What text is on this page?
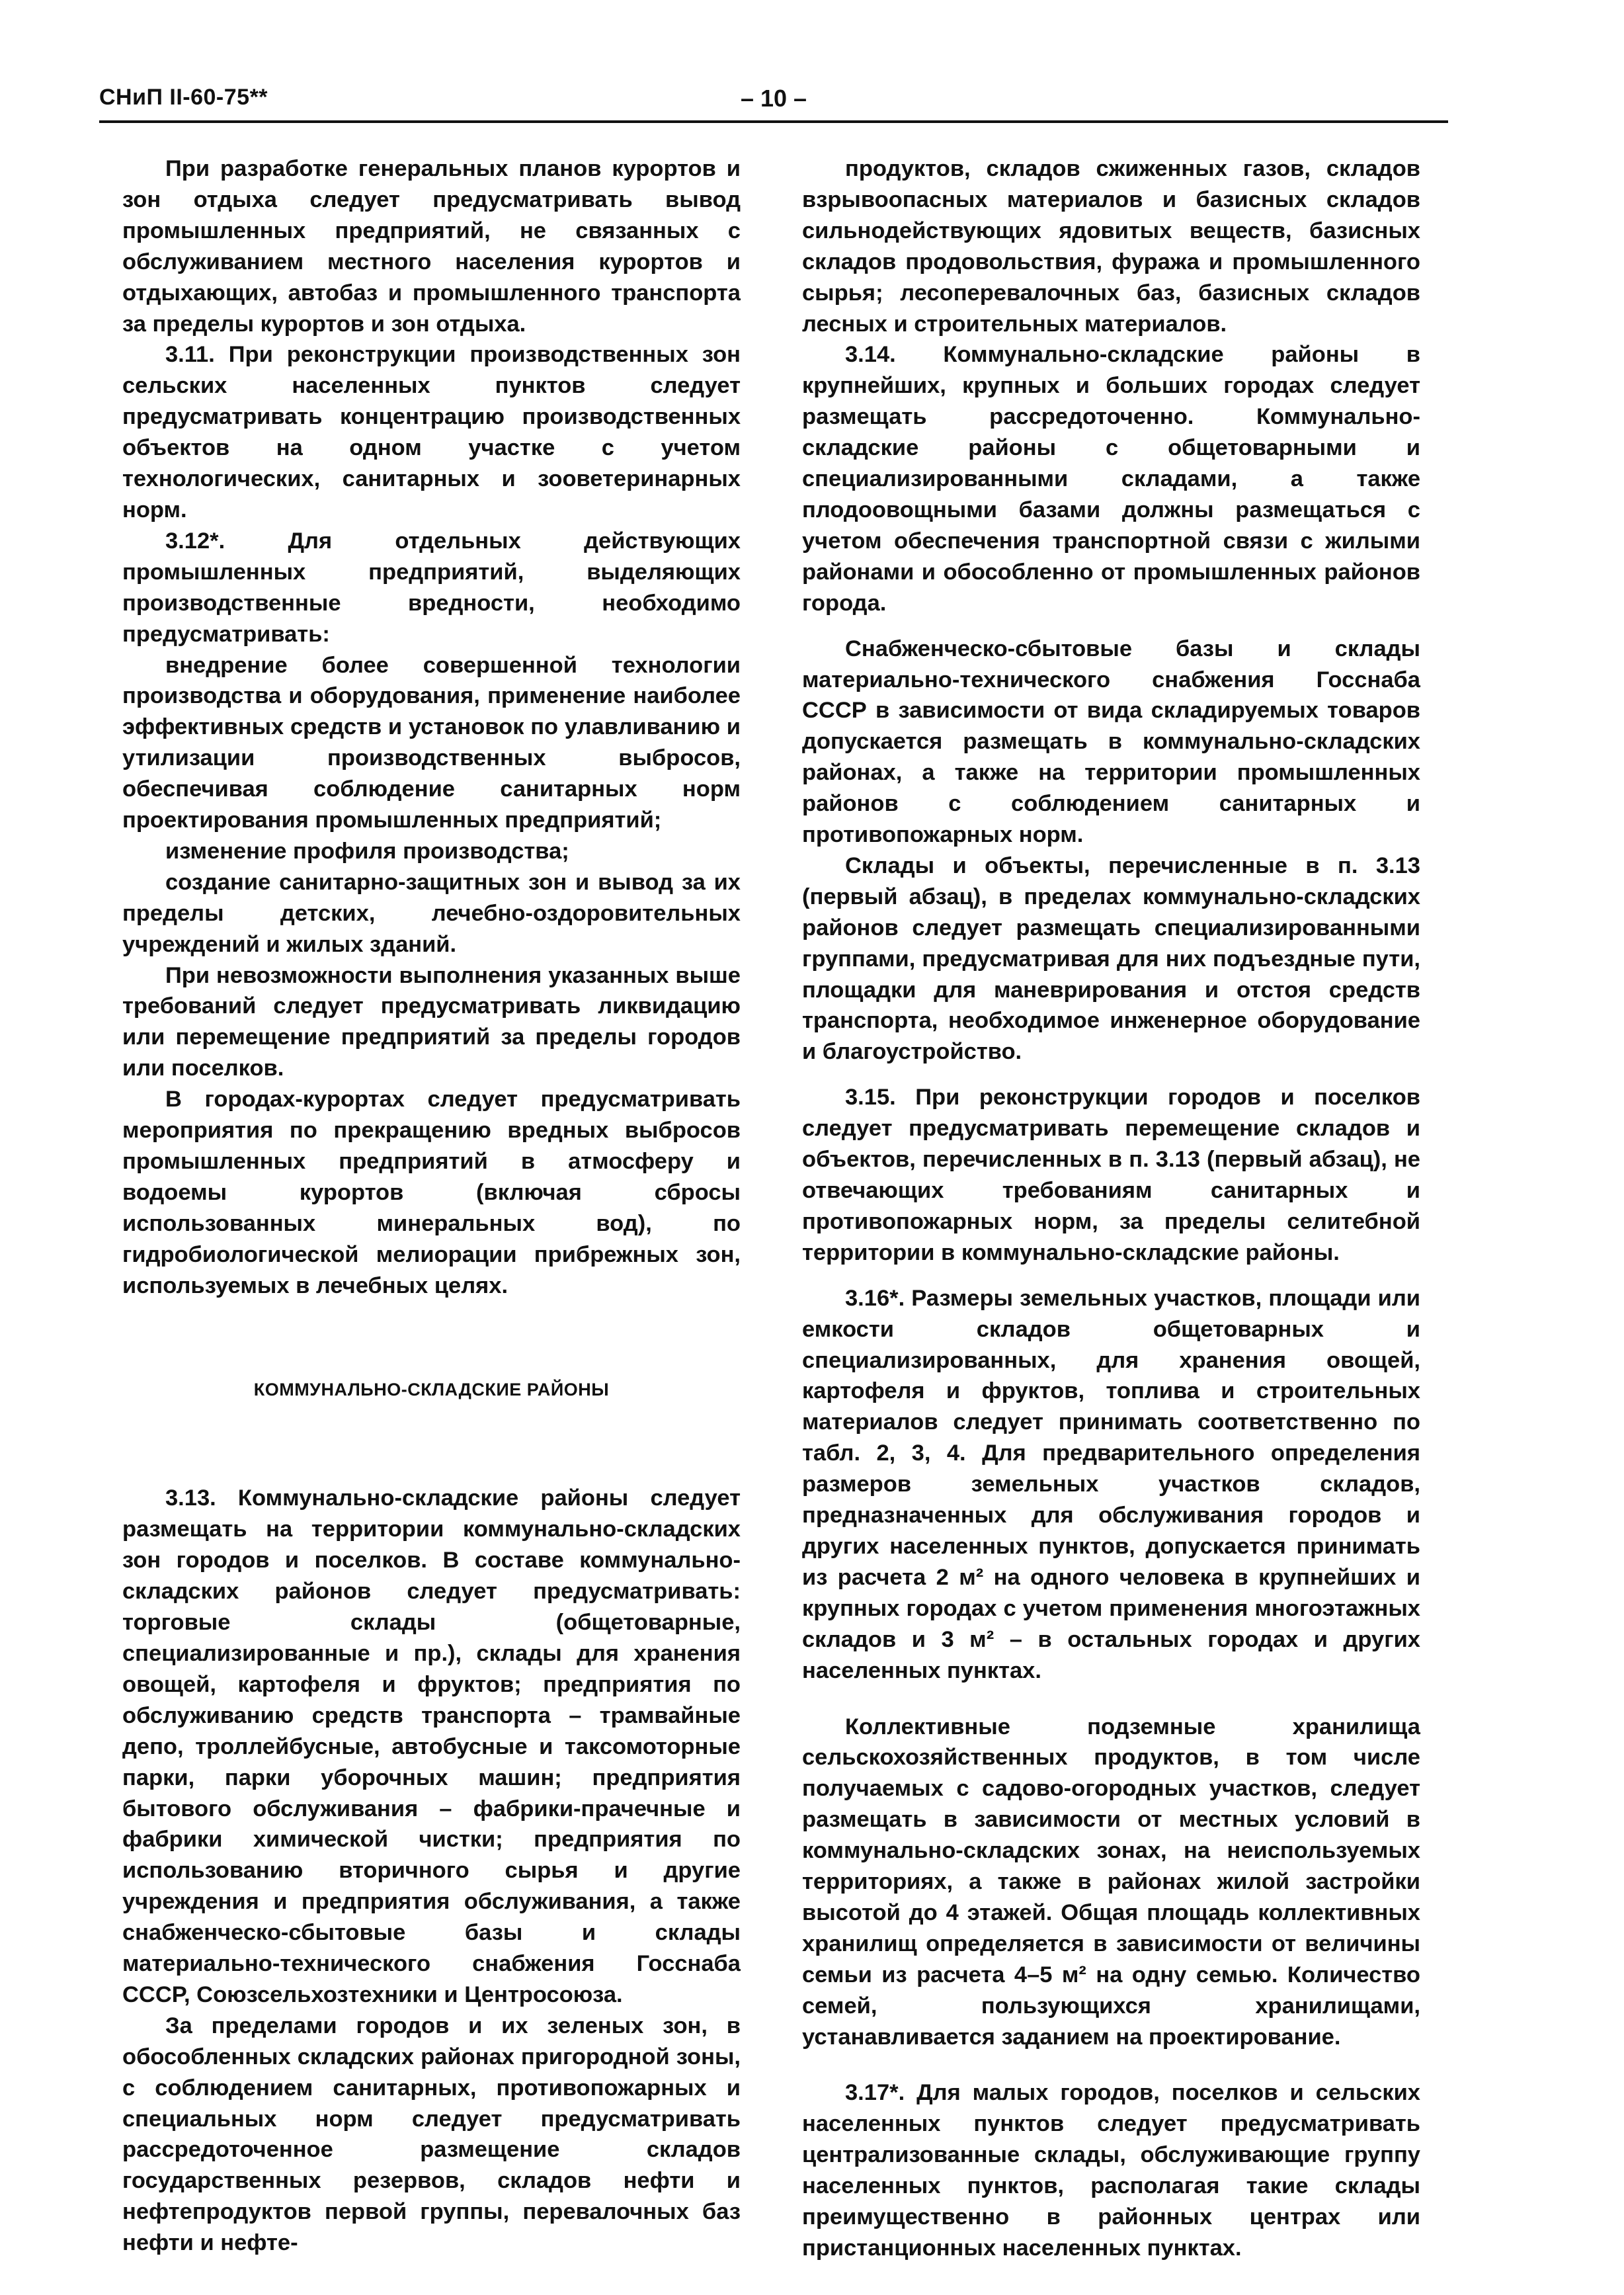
СНиП II-60-75**	– 10 –

При разработке генеральных планов курортов и зон отдыха следует предусматривать вывод промышленных предприятий, не связанных с обслуживанием местного населения курортов и отдыхающих, автобаз и промышленного транспорта за пределы курортов и зон отдыха.

3.11. При реконструкции производственных зон сельских населенных пунктов следует предусматривать концентрацию производственных объектов на одном участке с учетом технологических, санитарных и зооветеринарных норм.

3.12*. Для отдельных действующих промышленных предприятий, выделяющих производственные вредности, необходимо предусматривать:

внедрение более совершенной технологии производства и оборудования, применение наиболее эффективных средств и установок по улавливанию и утилизации производственных выбросов, обеспечивая соблюдение санитарных норм проектирования промышленных предприятий;

изменение профиля производства;

создание санитарно-защитных зон и вывод за их пределы детских, лечебно-оздоровительных учреждений и жилых зданий.

При невозможности выполнения указанных выше требований следует предусматривать ликвидацию или перемещение предприятий за пределы городов или поселков.

В городах-курортах следует предусматривать мероприятия по прекращению вредных выбросов промышленных предприятий в атмосферу и водоемы курортов (включая сбросы использованных минеральных вод), по гидробиологической мелиорации прибрежных зон, используемых в лечебных целях.

КОММУНАЛЬНО-СКЛАДСКИЕ РАЙОНЫ

3.13. Коммунально-складские районы следует размещать на территории коммунально-складских зон городов и поселков. В составе коммунально-складских районов следует предусматривать: торговые склады (общетоварные, специализированные и пр.), склады для хранения овощей, картофеля и фруктов; предприятия по обслуживанию средств транспорта – трамвайные депо, троллейбусные, автобусные и таксомоторные парки, парки уборочных машин; предприятия бытового обслуживания – фабрики-прачечные и фабрики химической чистки; предприятия по использованию вторичного сырья и другие учреждения и предприятия обслуживания, а также снабженческо-сбытовые базы и склады материально-технического снабжения Госснаба СССР, Союзсельхозтехники и Центросоюза.

За пределами городов и их зеленых зон, в обособленных складских районах пригородной зоны, с соблюдением санитарных, противопожарных и специальных норм следует предусматривать рассредоточенное размещение складов государственных резервов, складов нефти и нефтепродуктов первой группы, перевалочных баз нефти и нефте-

продуктов, складов сжиженных газов, складов взрывоопасных материалов и базисных складов сильнодействующих ядовитых веществ, базисных складов продовольствия, фуража и промышленного сырья; лесоперевалочных баз, базисных складов лесных и строительных материалов.

3.14. Коммунально-складские районы в крупнейших, крупных и больших городах следует размещать рассредоточенно. Коммунально-складские районы с общетоварными и специализированными складами, а также плодоовощными базами должны размещаться с учетом обеспечения транспортной связи с жилыми районами и обособленно от промышленных районов города.

Снабженческо-сбытовые базы и склады материально-технического снабжения Госснаба СССР в зависимости от вида складируемых товаров допускается размещать в коммунально-складских районах, а также на территории промышленных районов с соблюдением санитарных и противопожарных норм.

Склады и объекты, перечисленные в п. 3.13 (первый абзац), в пределах коммунально-складских районов следует размещать специализированными группами, предусматривая для них подъездные пути, площадки для маневрирования и отстоя средств транспорта, необходимое инженерное оборудование и благоустройство.

3.15. При реконструкции городов и поселков следует предусматривать перемещение складов и объектов, перечисленных в п. 3.13 (первый абзац), не отвечающих требованиям санитарных и противопожарных норм, за пределы селитебной территории в коммунально-складские районы.

3.16*. Размеры земельных участков, площади или емкости складов общетоварных и специализированных, для хранения овощей, картофеля и фруктов, топлива и строительных материалов следует принимать соответственно по табл. 2, 3, 4. Для предварительного определения размеров земельных участков складов, предназначенных для обслуживания городов и других населенных пунктов, допускается принимать из расчета 2 м² на одного человека в крупнейших и крупных городах с учетом применения многоэтажных складов и 3 м² – в остальных городах и других населенных пунктах.

Коллективные подземные хранилища сельскохозяйственных продуктов, в том числе получаемых с садово-огородных участков, следует размещать в зависимости от местных условий в коммунально-складских зонах, на неиспользуемых территориях, а также в районах жилой застройки высотой до 4 этажей. Общая площадь коллективных хранилищ определяется в зависимости от величины семьи из расчета 4–5 м² на одну семью. Количество семей, пользующихся хранилищами, устанавливается заданием на проектирование.

3.17*. Для малых городов, поселков и сельских населенных пунктов следует предусматривать централизованные склады, обслуживающие группу населенных пунктов, располагая такие склады преимущественно в районных центрах или пристанционных населенных пунктах.
